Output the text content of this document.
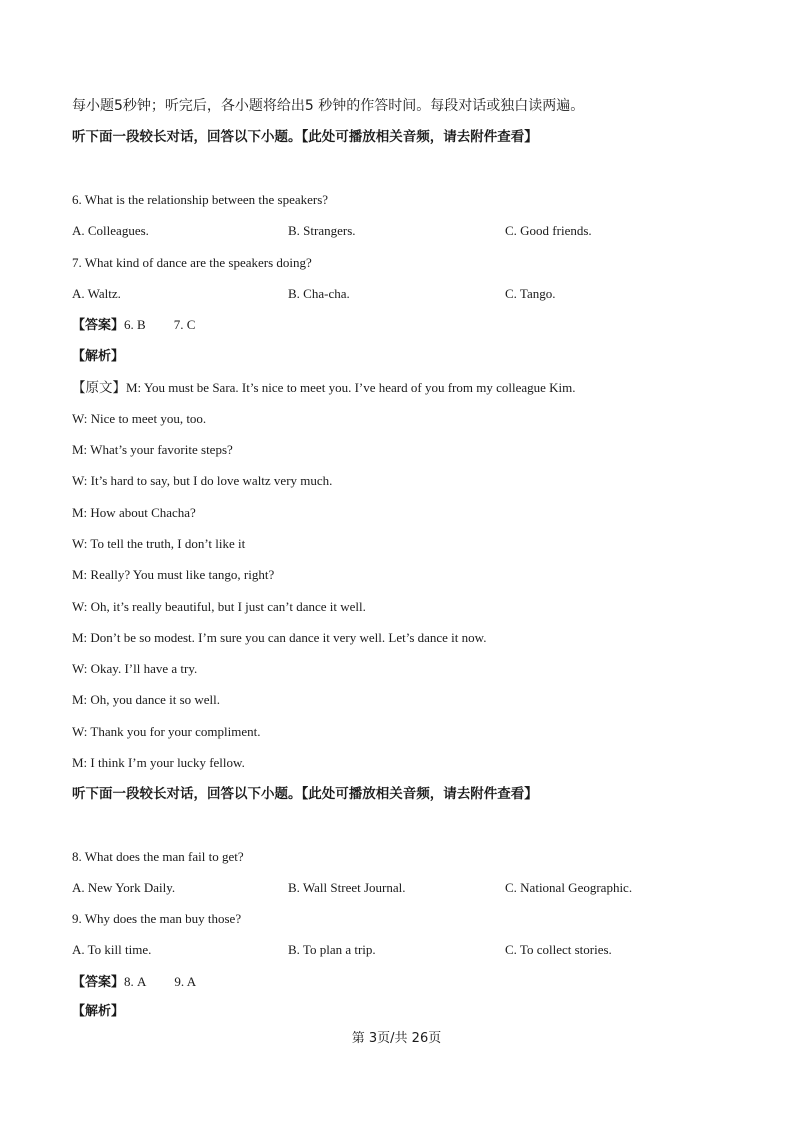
每小题5秒钟；听完后，各小题将给出5 秒钟的作答时间。每段对话或独白读两遍。
听下面一段较长对话，回答以下小题。【此处可播放相关音频，请去附件查看】
6. What is the relationship between the speakers?
A. Colleagues.	B. Strangers.	C. Good friends.
7. What kind of dance are the speakers doing?
A. Waltz.	B. Cha-cha.	C. Tango.
【答案】6. B 7. C
【解析】
【原文】M: You must be Sara. It’s nice to meet you. I’ve heard of you from my colleague Kim.
W: Nice to meet you, too.
M: What’s your favorite steps?
W: It’s hard to say, but I do love waltz very much.
M: How about Chacha?
W: To tell the truth, I don’t like it
M: Really? You must like tango, right?
W: Oh, it’s really beautiful, but I just can’t dance it well.
M: Don’t be so modest. I’m sure you can dance it very well. Let’s dance it now.
W: Okay. I’ll have a try.
M: Oh, you dance it so well.
W: Thank you for your compliment.
M: I think I’m your lucky fellow.
听下面一段较长对话，回答以下小题。【此处可播放相关音频，请去附件查看】
8. What does the man fail to get?
A. New York Daily.	B. Wall Street Journal.	C. National Geographic.
9. Why does the man buy those?
A. To kill time.	B. To plan a trip.	C. To collect stories.
【答案】8. A 9. A
【解析】
第 3页/共 26页
